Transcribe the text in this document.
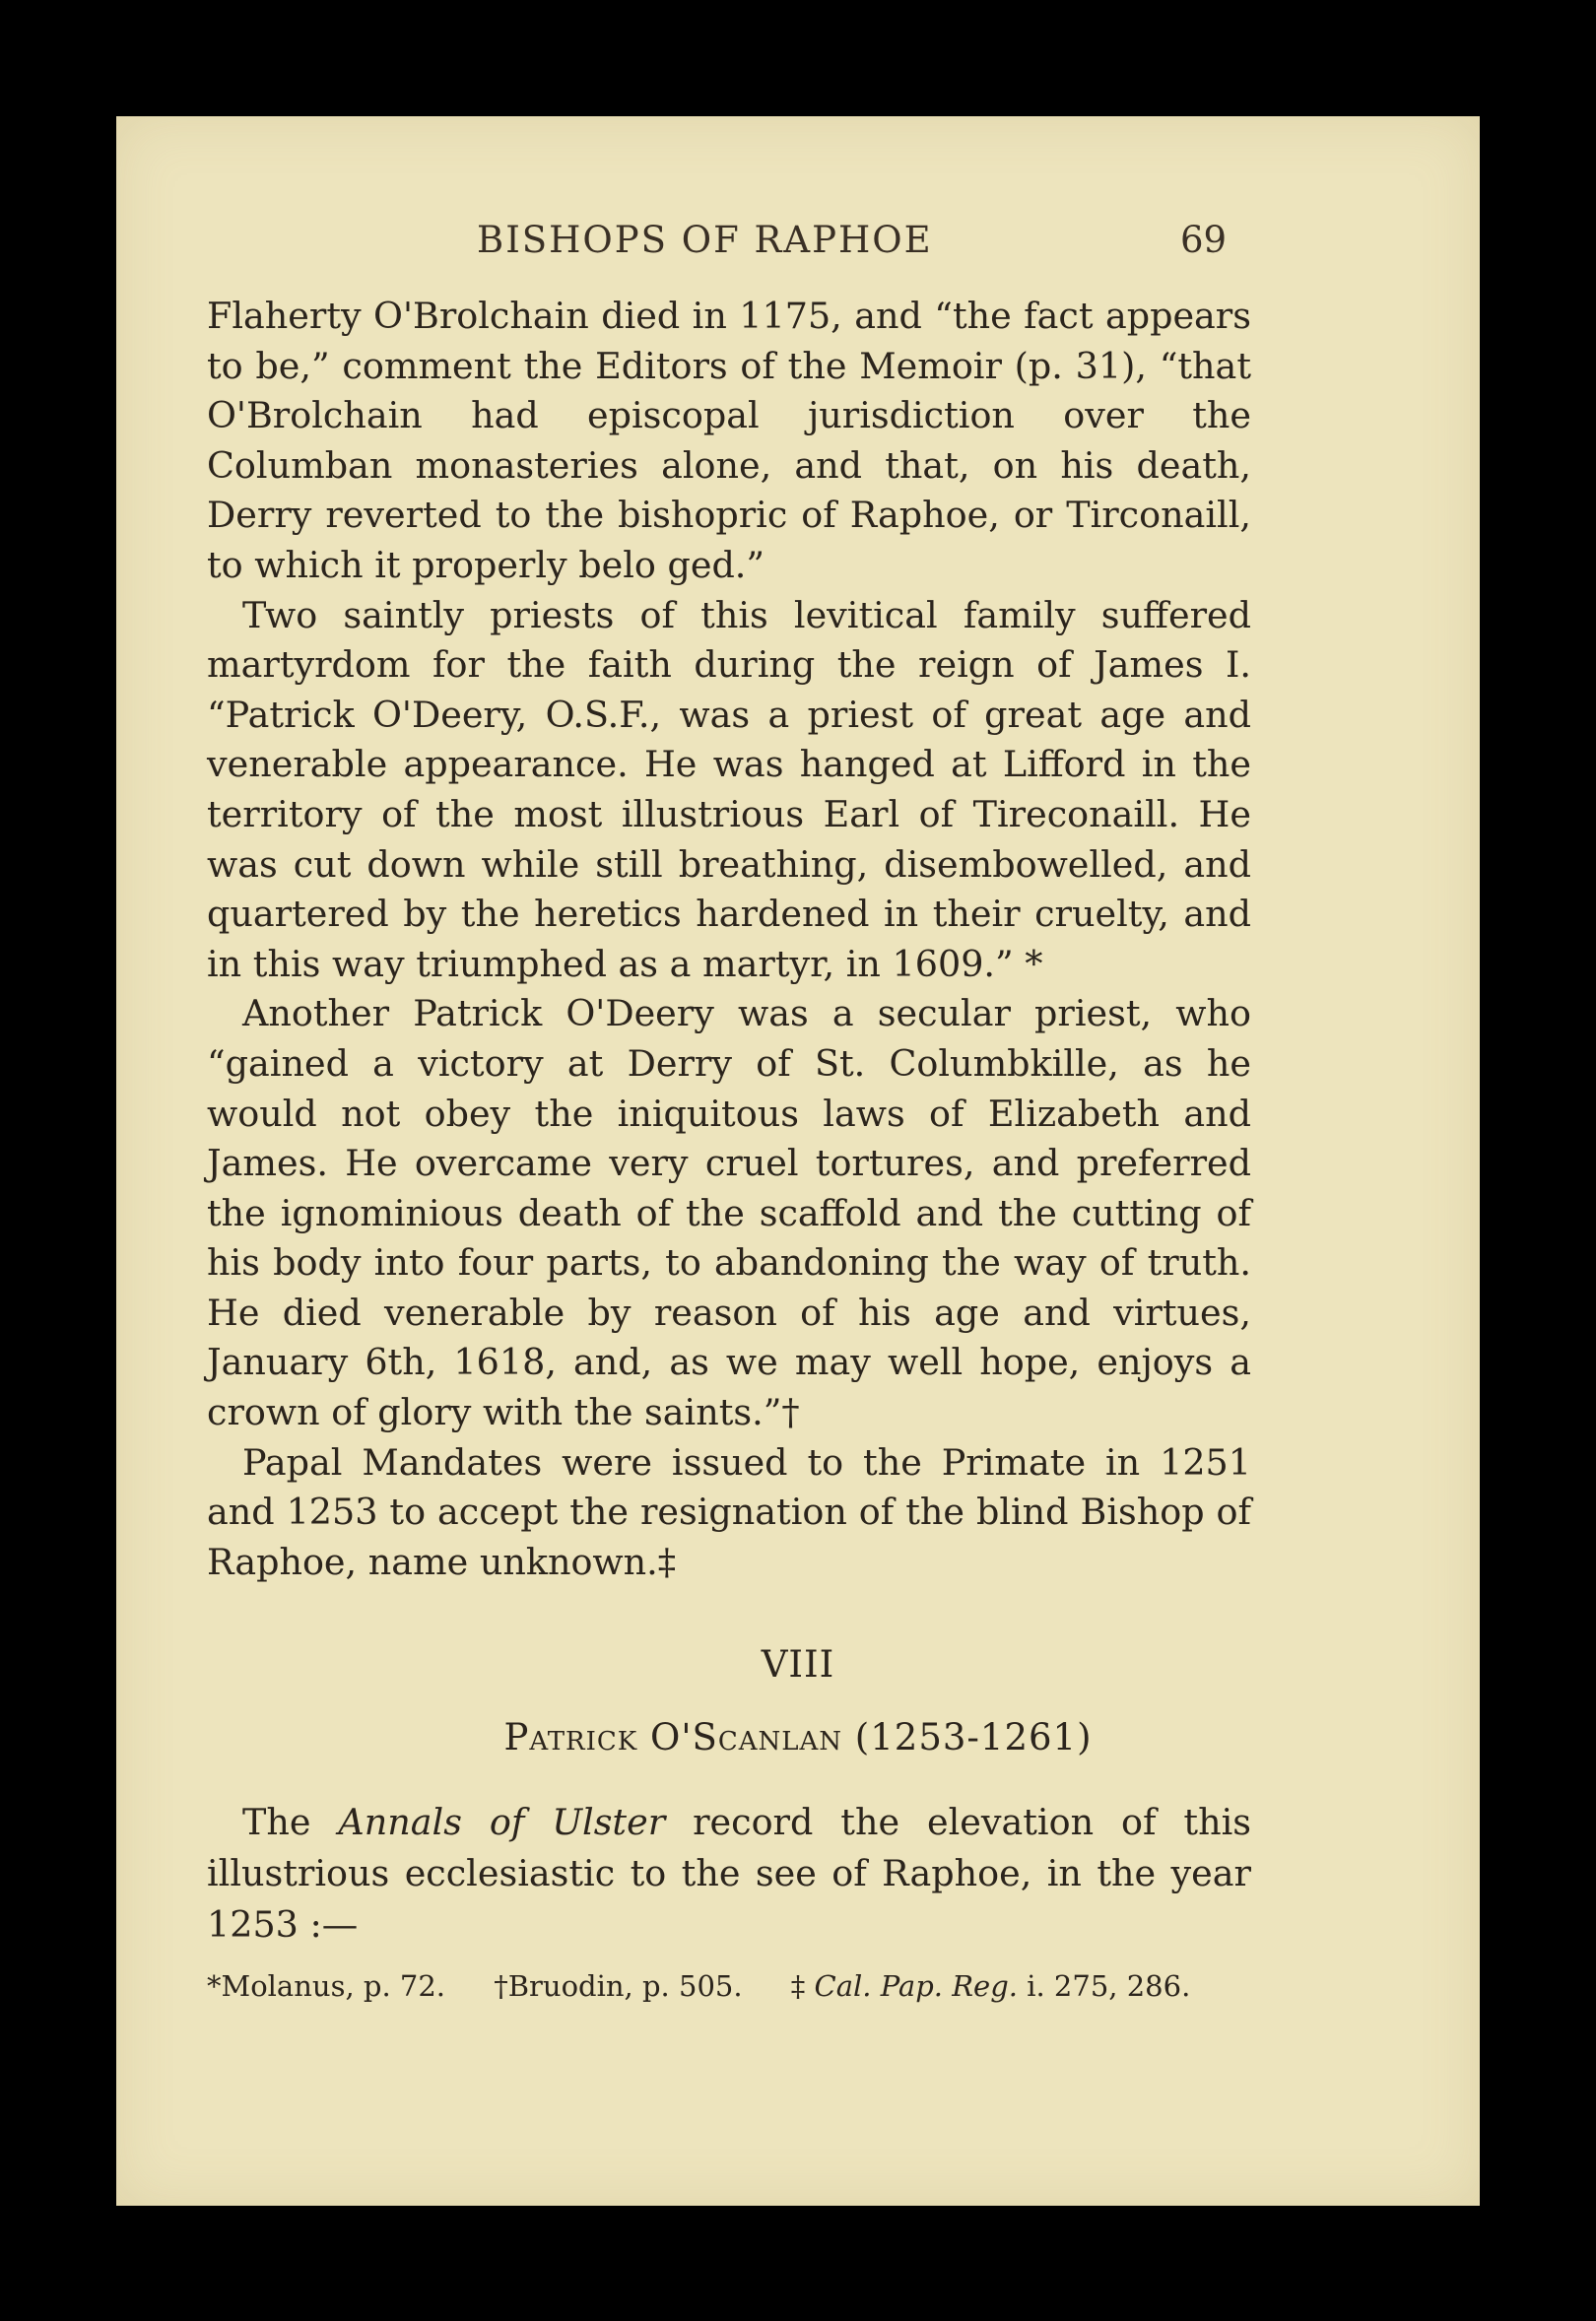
BISHOPS OF RAPHOE	69

Flaherty O'Brolchain died in 1175, and “the fact appears to be,” comment the Editors of the Memoir (p. 31), “that O'Brolchain had episcopal jurisdiction over the Columban monasteries alone, and that, on his death, Derry reverted to the bishopric of Raphoe, or Tirconaill, to which it properly belo ged.”

Two saintly priests of this levitical family suffered martyrdom for the faith during the reign of James I. “Patrick O'Deery, O.S.F., was a priest of great age and venerable appearance. He was hanged at Lifford in the territory of the most illustrious Earl of Tireconaill. He was cut down while still breathing, disembowelled, and quartered by the heretics hardened in their cruelty, and in this way triumphed as a martyr, in 1609.” *

Another Patrick O'Deery was a secular priest, who “gained a victory at Derry of St. Columbkille, as he would not obey the iniquitous laws of Elizabeth and James. He overcame very cruel tortures, and preferred the ignominious death of the scaffold and the cutting of his body into four parts, to abandoning the way of truth. He died venerable by reason of his age and virtues, January 6th, 1618, and, as we may well hope, enjoys a crown of glory with the saints.”†

Papal Mandates were issued to the Primate in 1251 and 1253 to accept the resignation of the blind Bishop of Raphoe, name unknown.‡

VIII
Patrick O'Scanlan (1253-1261)

The Annals of Ulster record the elevation of this illustrious ecclesiastic to the see of Raphoe, in the year 1253 :—

*Molanus, p. 72. †Bruodin, p. 505. ‡ Cal. Pap. Reg. i. 275, 286.
